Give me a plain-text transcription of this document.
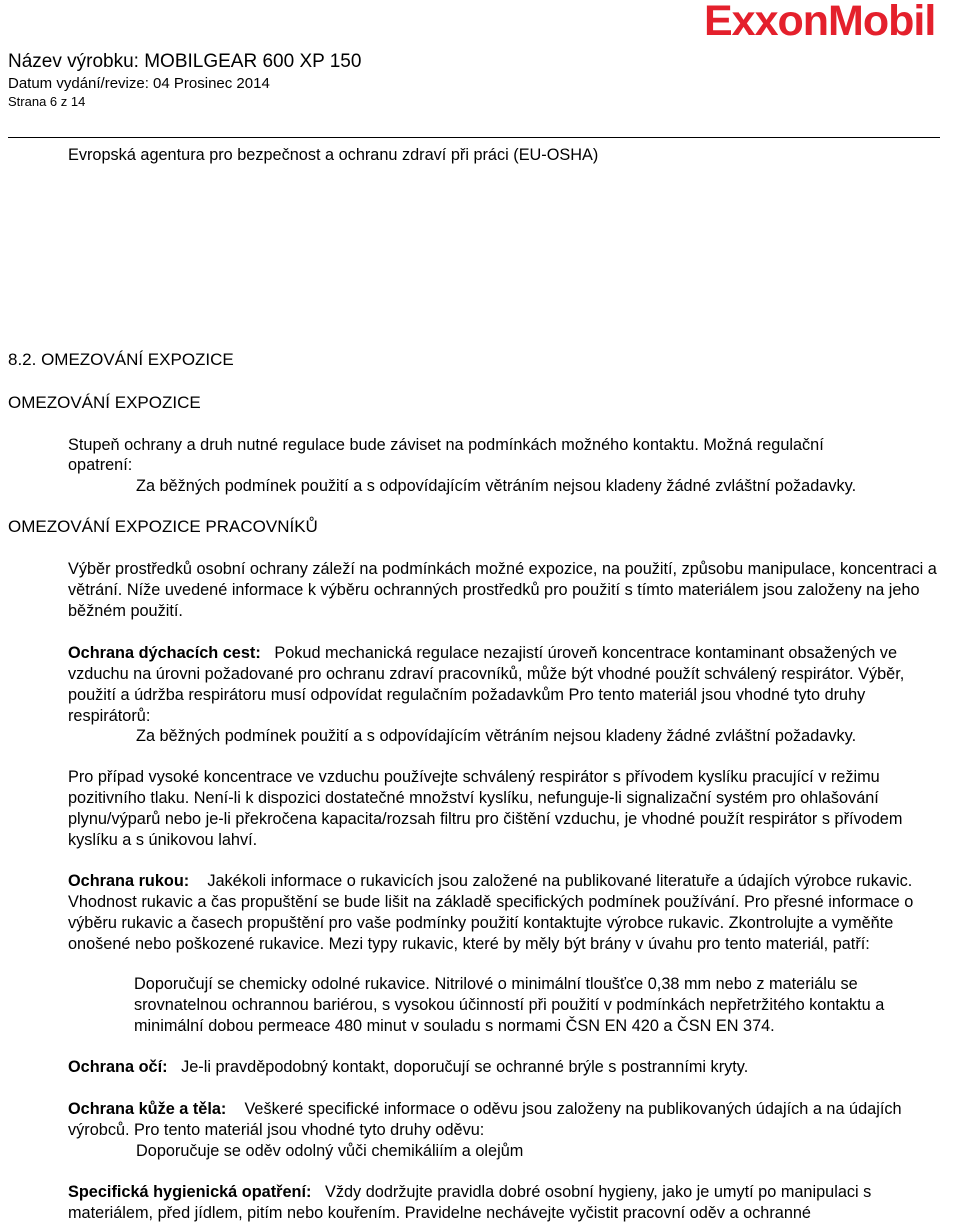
Název výrobku: MOBILGEAR 600 XP 150
Datum vydání/revize: 04 Prosinec 2014
Strana 6 z 14
ExxonMobil
Evropská agentura pro bezpečnost a ochranu zdraví při práci (EU-OSHA)
8.2. OMEZOVÁNÍ EXPOZICE
OMEZOVÁNÍ EXPOZICE
Stupeň ochrany a druh nutné regulace bude záviset na podmínkách možného kontaktu. Možná regulační
opatrení:
Za běžných podmínek použití a s odpovídajícím větráním nejsou kladeny žádné zvláštní požadavky.
OMEZOVÁNÍ EXPOZICE PRACOVNÍKŮ
Výběr prostředků osobní ochrany záleží na podmínkách možné expozice, na použití, způsobu manipulace, koncentraci a větrání. Níže uvedené informace k výběru ochranných prostředků pro použití s tímto materiálem jsou založeny na jeho běžném použití.
Ochrana dýchacích cest: Pokud mechanická regulace nezajistí úroveň koncentrace kontaminant obsažených ve vzduchu na úrovni požadované pro ochranu zdraví pracovníků, může být vhodné použít schválený respirátor. Výběr, použití a údržba respirátoru musí odpovídat regulačním požadavkům Pro tento materiál jsou vhodné tyto druhy respirátorů:
Za běžných podmínek použití a s odpovídajícím větráním nejsou kladeny žádné zvláštní požadavky.
Pro případ vysoké koncentrace ve vzduchu používejte schválený respirátor s přívodem kyslíku pracující v režimu pozitivního tlaku. Není-li k dispozici dostatečné množství kyslíku, nefunguje-li signalizační systém pro ohlašování plynu/výparů nebo je-li překročena kapacita/rozsah filtru pro čištění vzduchu, je vhodné použít respirátor s přívodem kyslíku a s únikovou lahví.
Ochrana rukou: Jakékoli informace o rukavicích jsou založené na publikované literatuře a údajích výrobce rukavic. Vhodnost rukavic a čas propuštění se bude lišit na základě specifických podmínek používání. Pro přesné informace o výběru rukavic a časech propuštění pro vaše podmínky použití kontaktujte výrobce rukavic. Zkontrolujte a vyměňte onošené nebo poškozené rukavice. Mezi typy rukavic, které by měly být brány v úvahu pro tento materiál, patří:
Doporučují se chemicky odolné rukavice. Nitrilové o minimální tloušťce 0,38 mm nebo z materiálu se srovnatelnou ochrannou bariérou, s vysokou účinností při použití v podmínkách nepřetržitého kontaktu a minimální dobou permeace 480 minut v souladu s normami ČSN EN 420 a ČSN EN 374.
Ochrana očí: Je-li pravděpodobný kontakt, doporučují se ochranné brýle s postranními kryty.
Ochrana kůže a těla: Veškeré specifické informace o oděvu jsou založeny na publikovaných údajích a na údajích výrobců. Pro tento materiál jsou vhodné tyto druhy oděvu:
Doporučuje se oděv odolný vůči chemikáliím a olejům
Specifická hygienická opatření: Vždy dodržujte pravidla dobré osobní hygieny, jako je umytí po manipulaci s materiálem, před jídlem, pitím nebo kouřením. Pravidelne nechávejte vyčistit pracovní oděv a ochranné
